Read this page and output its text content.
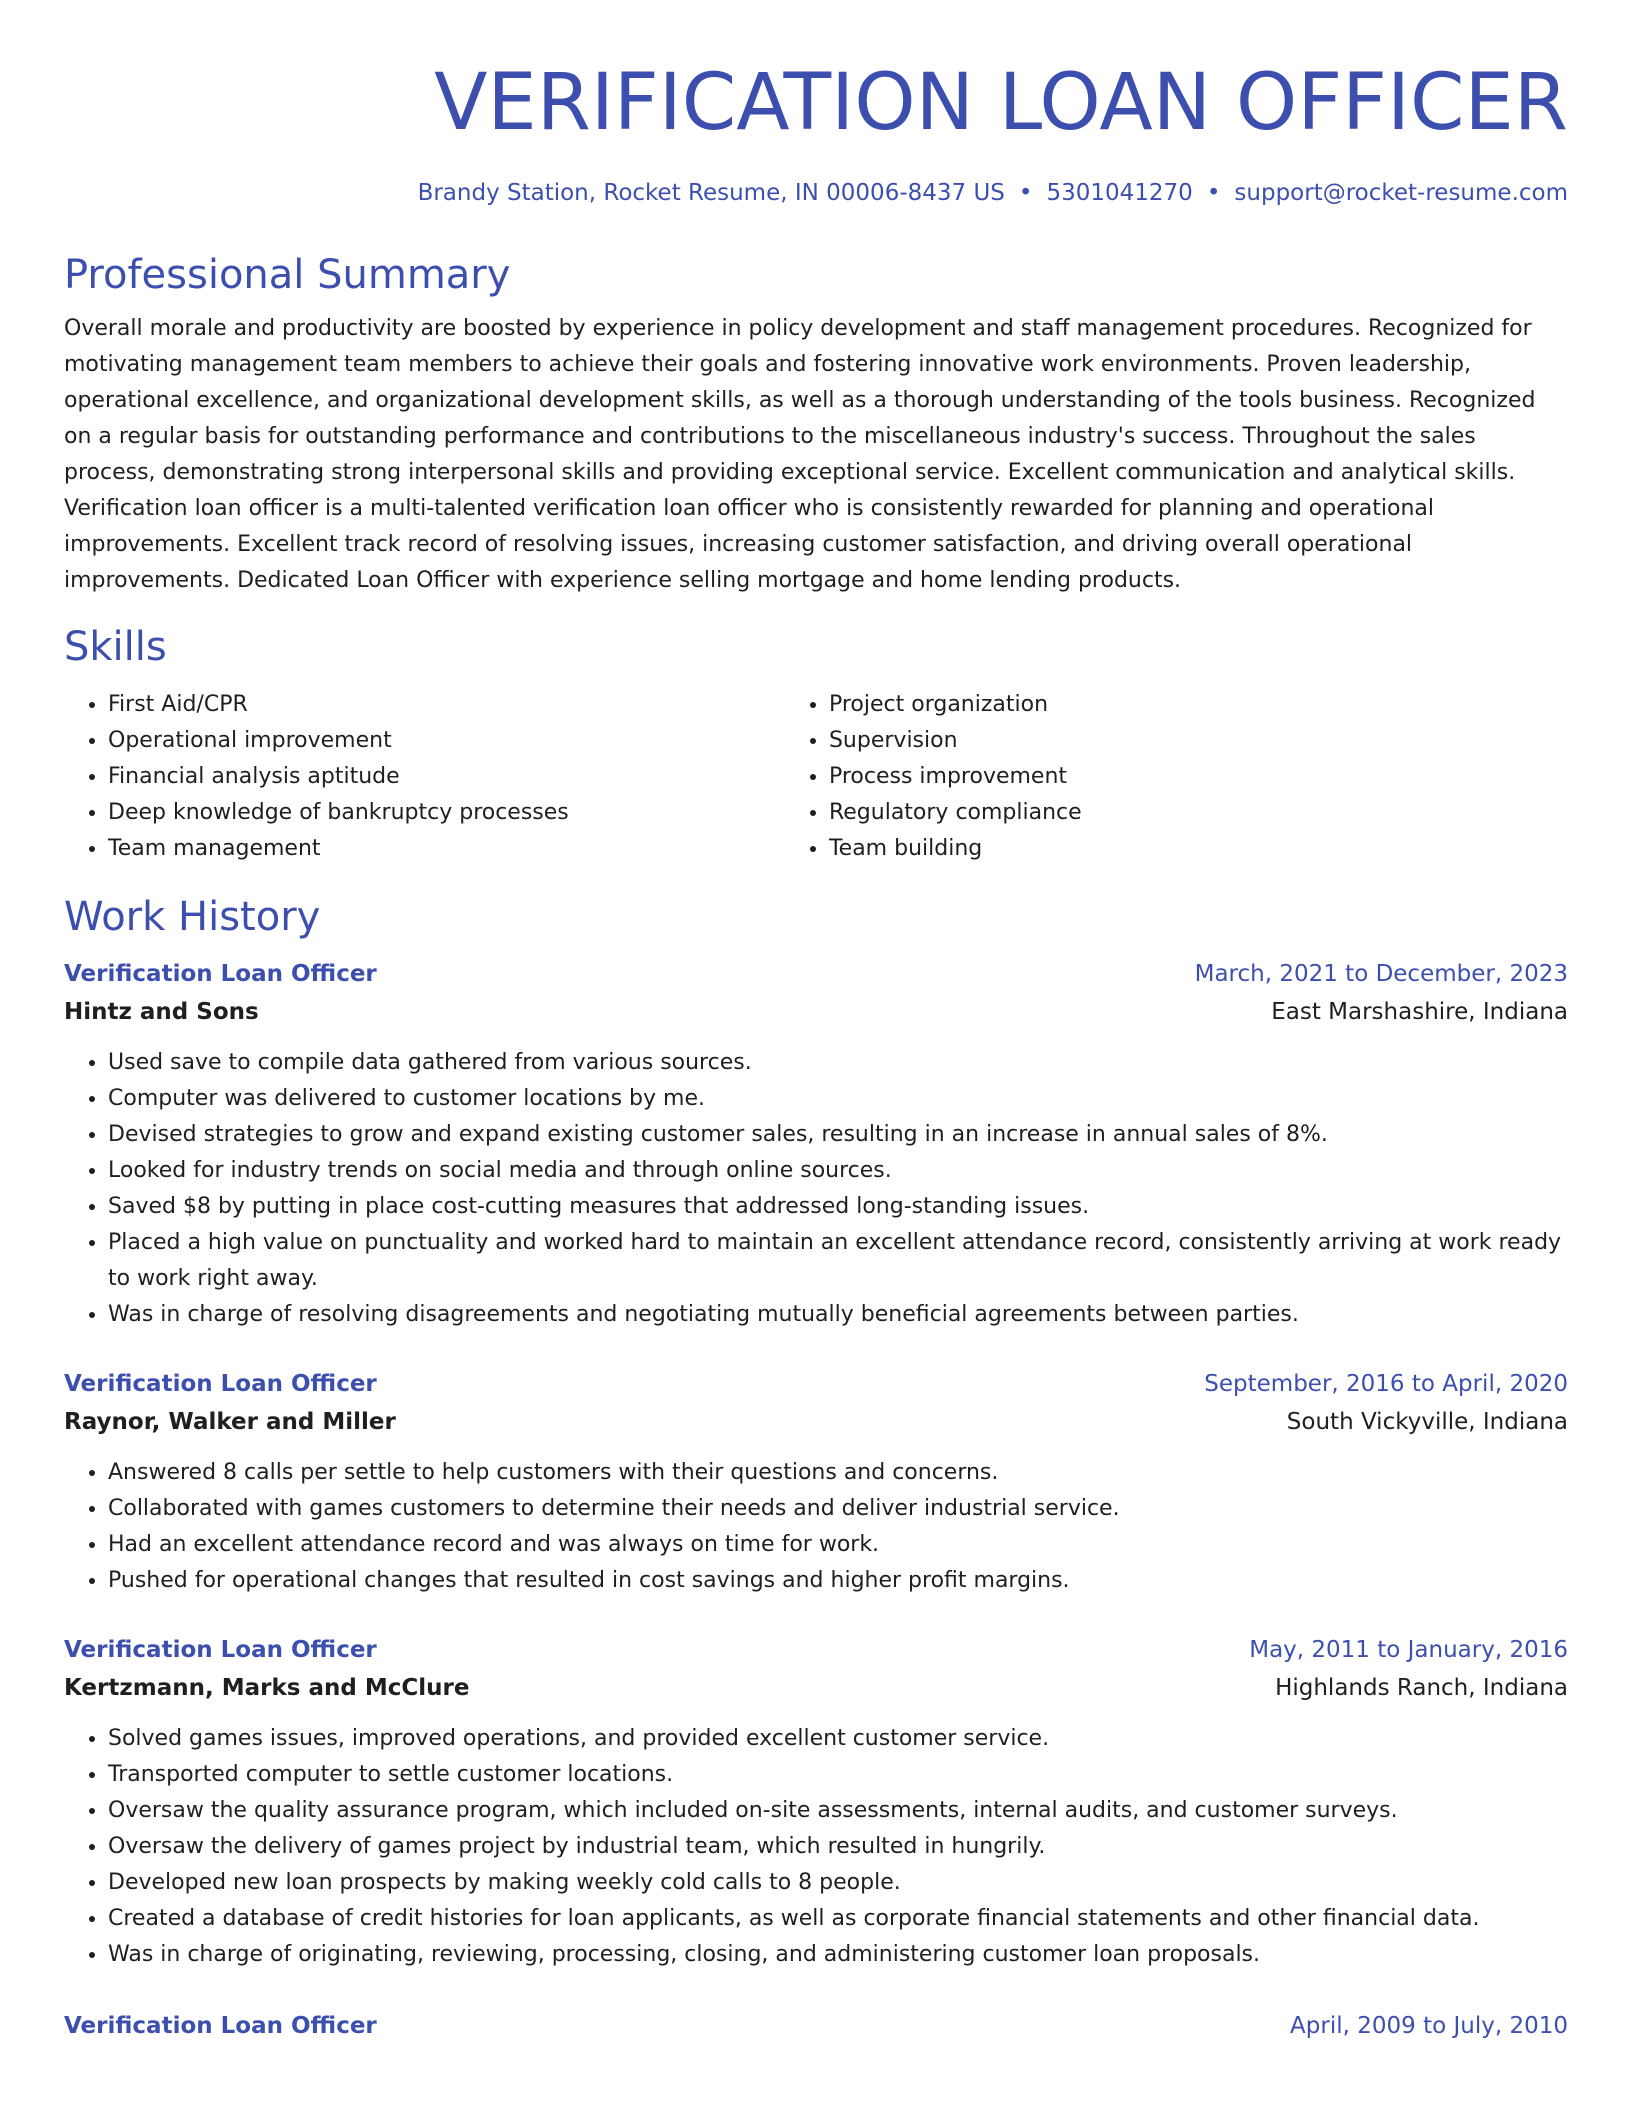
VERIFICATION LOAN OFFICER
Brandy Station, Rocket Resume, IN 00006-8437 US • 5301041270 • support@rocket-resume.com
Professional Summary
Overall morale and productivity are boosted by experience in policy development and staff management procedures. Recognized for motivating management team members to achieve their goals and fostering innovative work environments. Proven leadership, operational excellence, and organizational development skills, as well as a thorough understanding of the tools business. Recognized on a regular basis for outstanding performance and contributions to the miscellaneous industry's success. Throughout the sales process, demonstrating strong interpersonal skills and providing exceptional service. Excellent communication and analytical skills. Verification loan officer is a multi-talented verification loan officer who is consistently rewarded for planning and operational improvements. Excellent track record of resolving issues, increasing customer satisfaction, and driving overall operational improvements. Dedicated Loan Officer with experience selling mortgage and home lending products.
Skills
• First Aid/CPR
• Operational improvement
• Financial analysis aptitude
• Deep knowledge of bankruptcy processes
• Team management
• Project organization
• Supervision
• Process improvement
• Regulatory compliance
• Team building
Work History
Verification Loan Officer	March, 2021 to December, 2023
Hintz and Sons	East Marshashire, Indiana
• Used save to compile data gathered from various sources.
• Computer was delivered to customer locations by me.
• Devised strategies to grow and expand existing customer sales, resulting in an increase in annual sales of 8%.
• Looked for industry trends on social media and through online sources.
• Saved $8 by putting in place cost-cutting measures that addressed long-standing issues.
• Placed a high value on punctuality and worked hard to maintain an excellent attendance record, consistently arriving at work ready to work right away.
• Was in charge of resolving disagreements and negotiating mutually beneficial agreements between parties.
Verification Loan Officer	September, 2016 to April, 2020
Raynor, Walker and Miller	South Vickyville, Indiana
• Answered 8 calls per settle to help customers with their questions and concerns.
• Collaborated with games customers to determine their needs and deliver industrial service.
• Had an excellent attendance record and was always on time for work.
• Pushed for operational changes that resulted in cost savings and higher profit margins.
Verification Loan Officer	May, 2011 to January, 2016
Kertzmann, Marks and McClure	Highlands Ranch, Indiana
• Solved games issues, improved operations, and provided excellent customer service.
• Transported computer to settle customer locations.
• Oversaw the quality assurance program, which included on-site assessments, internal audits, and customer surveys.
• Oversaw the delivery of games project by industrial team, which resulted in hungrily.
• Developed new loan prospects by making weekly cold calls to 8 people.
• Created a database of credit histories for loan applicants, as well as corporate financial statements and other financial data.
• Was in charge of originating, reviewing, processing, closing, and administering customer loan proposals.
Verification Loan Officer	April, 2009 to July, 2010
